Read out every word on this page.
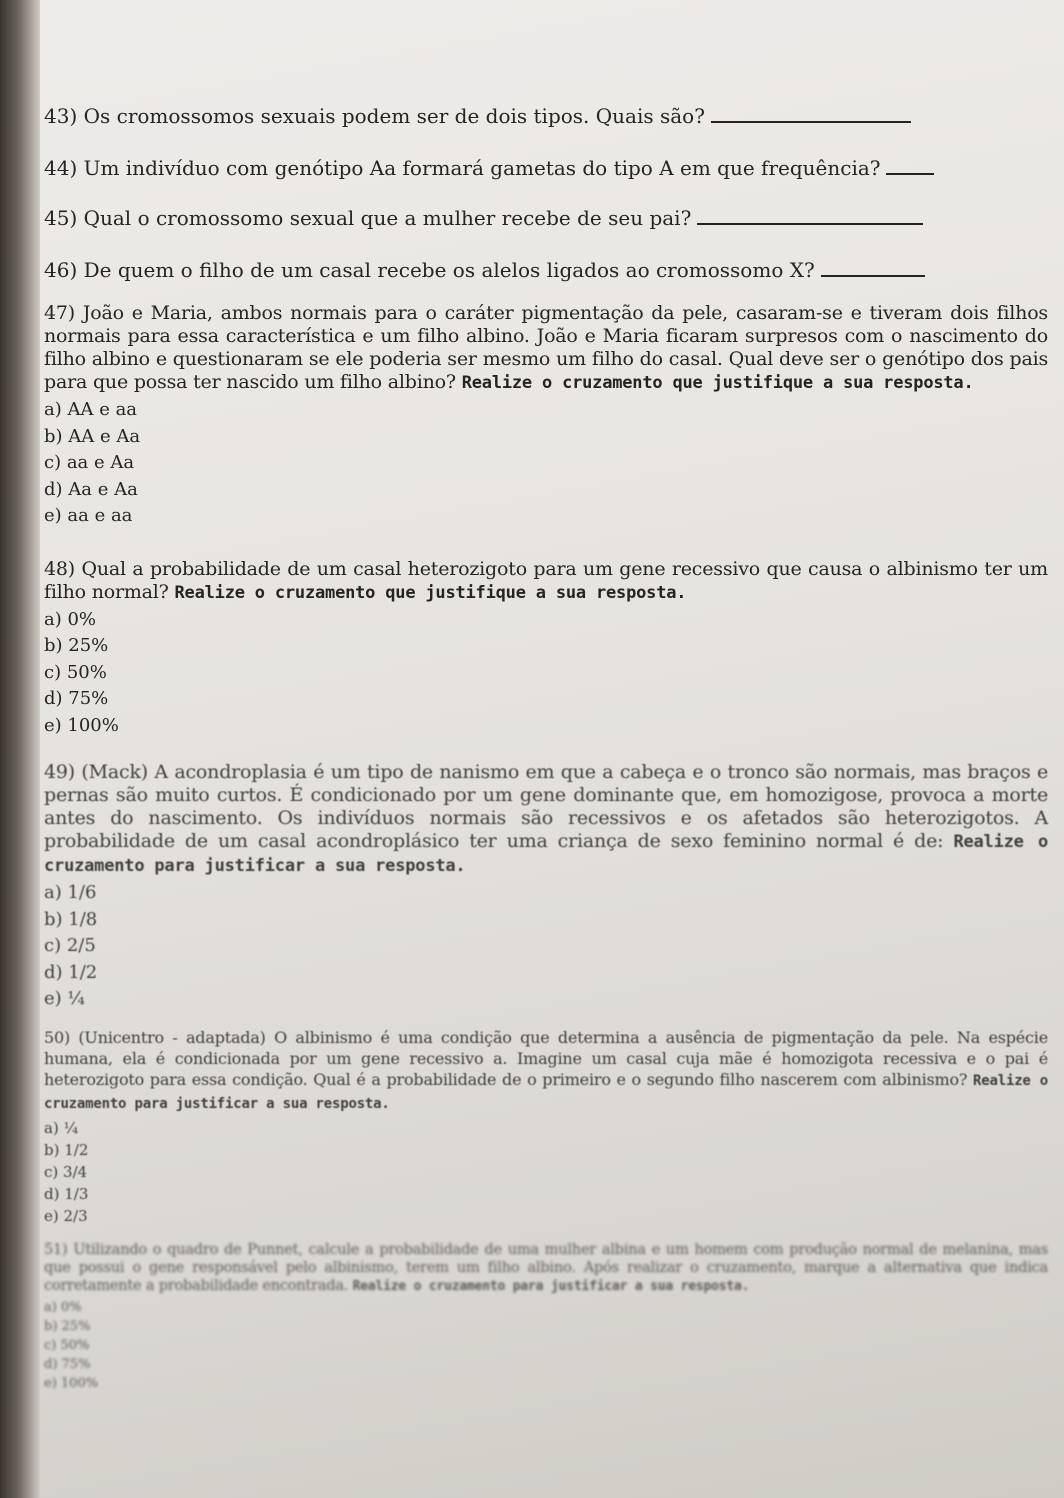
43) Os cromossomos sexuais podem ser de dois tipos. Quais são?
44) Um indivíduo com genótipo Aa formará gametas do tipo A em que frequência?
45) Qual o cromossomo sexual que a mulher recebe de seu pai?
46) De quem o filho de um casal recebe os alelos ligados ao cromossomo X?
47) João e Maria, ambos normais para o caráter pigmentação da pele, casaram-se e tiveram dois filhos normais para essa característica e um filho albino. João e Maria ficaram surpresos com o nascimento do filho albino e questionaram se ele poderia ser mesmo um filho do casal. Qual deve ser o genótipo dos pais para que possa ter nascido um filho albino? Realize o cruzamento que justifique a sua resposta.
a) AA e aa
b) AA e Aa
c) aa e Aa
d) Aa e Aa
e) aa e aa
48) Qual a probabilidade de um casal heterozigoto para um gene recessivo que causa o albinismo ter um filho normal? Realize o cruzamento que justifique a sua resposta.
a) 0%
b) 25%
c) 50%
d) 75%
e) 100%
49) (Mack) A acondroplasia é um tipo de nanismo em que a cabeça e o tronco são normais, mas braços e pernas são muito curtos. É condicionado por um gene dominante que, em homozigose, provoca a morte antes do nascimento. Os indivíduos normais são recessivos e os afetados são heterozigotos. A probabilidade de um casal acondroplásico ter uma criança de sexo feminino normal é de: Realize o cruzamento para justificar a sua resposta.
a) 1/6
b) 1/8
c) 2/5
d) 1/2
e) ¼
50) (Unicentro - adaptada) O albinismo é uma condição que determina a ausência de pigmentação da pele. Na espécie humana, ela é condicionada por um gene recessivo a. Imagine um casal cuja mãe é homozigota recessiva e o pai é heterozigoto para essa condição. Qual é a probabilidade de o primeiro e o segundo filho nascerem com albinismo? Realize o cruzamento para justificar a sua resposta.
a) ¼
b) 1/2
c) 3/4
d) 1/3
e) 2/3
51) Utilizando o quadro de Punnet, calcule a probabilidade de uma mulher albina e um homem com produção normal de melanina, mas que possui o gene responsável pelo albinismo, terem um filho albino. Após realizar o cruzamento, marque a alternativa que indica corretamente a probabilidade encontrada. Realize o cruzamento para justificar a sua resposta.
a) 0%
b) 25%
c) 50%
d) 75%
e) 100%
